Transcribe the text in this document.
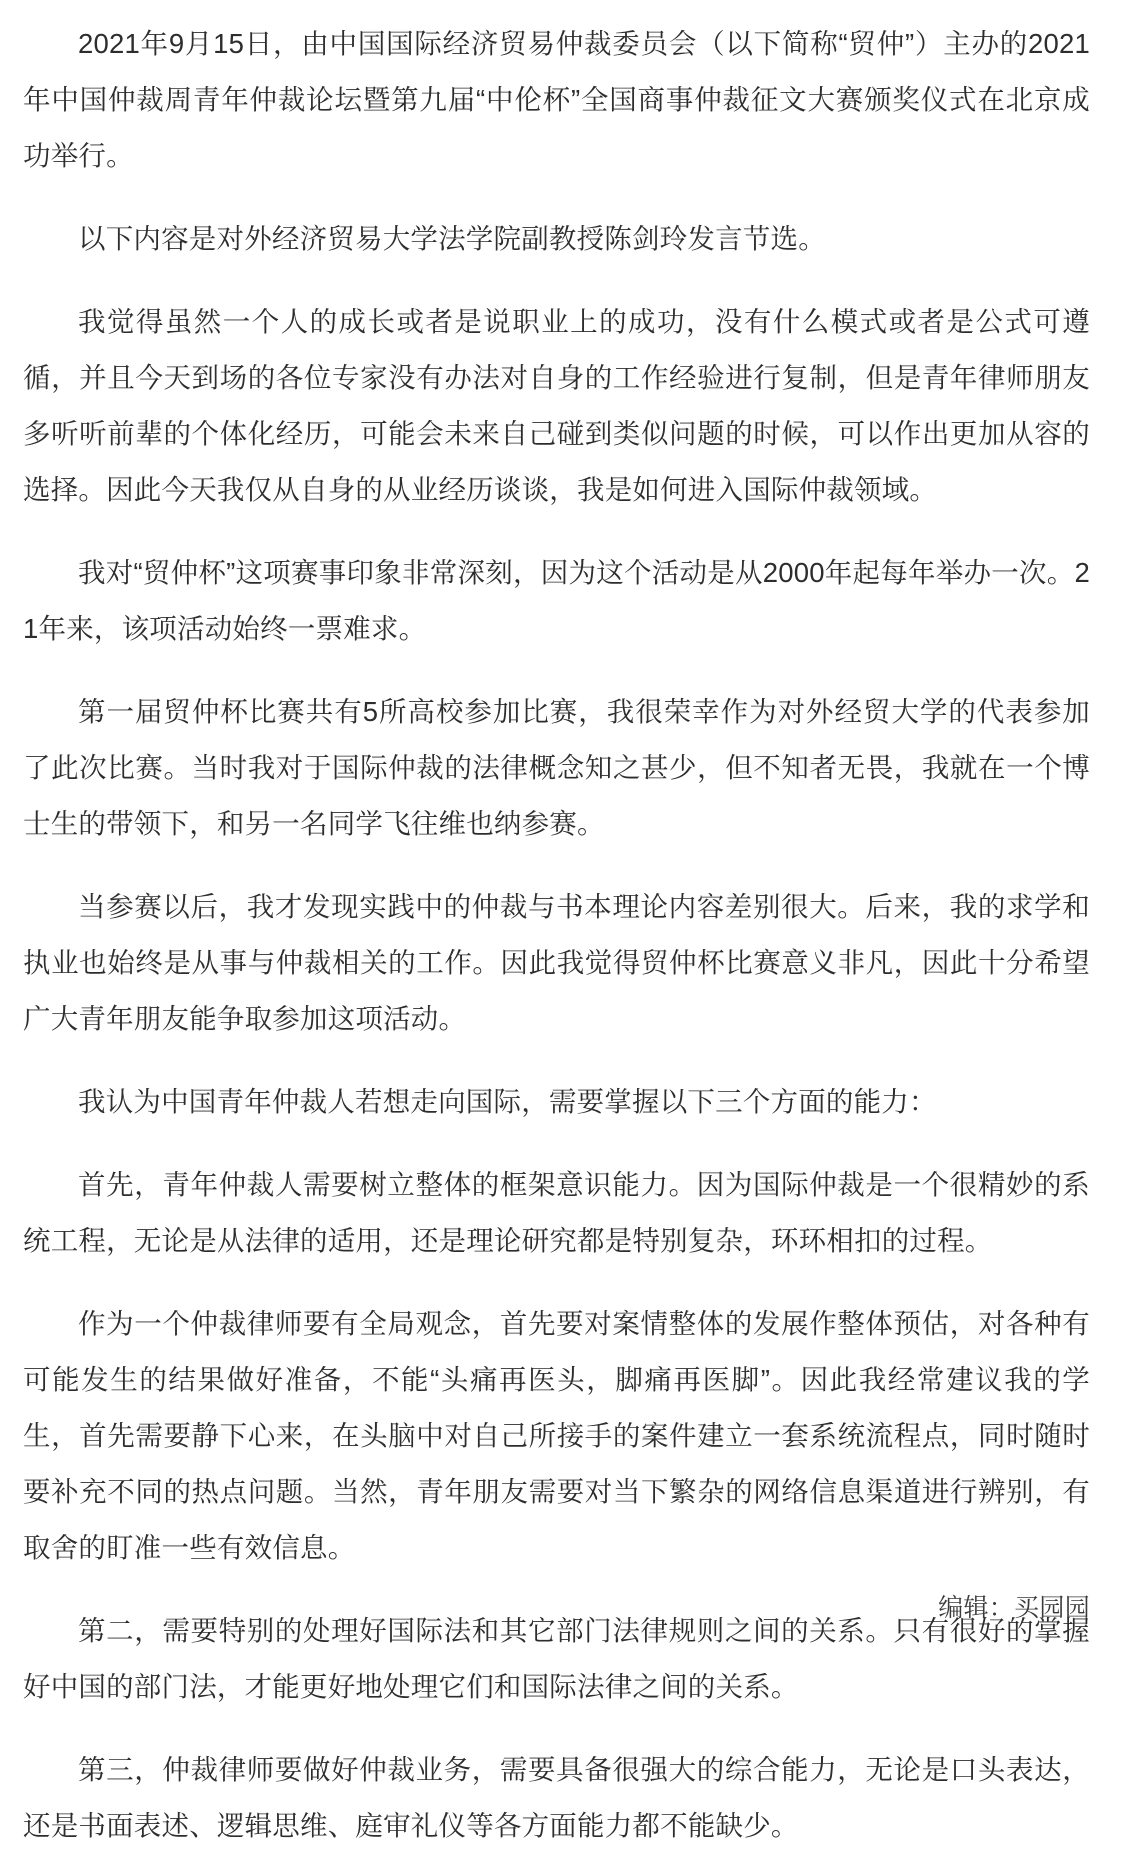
2021年9月15日，由中国国际经济贸易仲裁委员会（以下简称“贸仲”）主办的2021年中国仲裁周青年仲裁论坛暨第九届“中伦杯”全国商事仲裁征文大赛颁奖仪式在北京成功举行。

以下内容是对外经济贸易大学法学院副教授陈剑玲发言节选。

我觉得虽然一个人的成长或者是说职业上的成功，没有什么模式或者是公式可遵循，并且今天到场的各位专家没有办法对自身的工作经验进行复制，但是青年律师朋友多听听前辈的个体化经历，可能会未来自己碰到类似问题的时候，可以作出更加从容的选择。因此今天我仅从自身的从业经历谈谈，我是如何进入国际仲裁领域。

我对“贸仲杯”这项赛事印象非常深刻，因为这个活动是从2000年起每年举办一次。21年来，该项活动始终一票难求。

第一届贸仲杯比赛共有5所高校参加比赛，我很荣幸作为对外经贸大学的代表参加了此次比赛。当时我对于国际仲裁的法律概念知之甚少，但不知者无畏，我就在一个博士生的带领下，和另一名同学飞往维也纳参赛。

当参赛以后，我才发现实践中的仲裁与书本理论内容差别很大。后来，我的求学和执业也始终是从事与仲裁相关的工作。因此我觉得贸仲杯比赛意义非凡，因此十分希望广大青年朋友能争取参加这项活动。

我认为中国青年仲裁人若想走向国际，需要掌握以下三个方面的能力：

首先，青年仲裁人需要树立整体的框架意识能力。因为国际仲裁是一个很精妙的系统工程，无论是从法律的适用，还是理论研究都是特别复杂，环环相扣的过程。

作为一个仲裁律师要有全局观念，首先要对案情整体的发展作整体预估，对各种有可能发生的结果做好准备，不能“头痛再医头，脚痛再医脚”。因此我经常建议我的学生，首先需要静下心来，在头脑中对自己所接手的案件建立一套系统流程点，同时随时要补充不同的热点问题。当然，青年朋友需要对当下繁杂的网络信息渠道进行辨别，有取舍的盯准一些有效信息。

第二，需要特别的处理好国际法和其它部门法律规则之间的关系。只有很好的掌握好中国的部门法，才能更好地处理它们和国际法律之间的关系。

第三，仲裁律师要做好仲裁业务，需要具备很强大的综合能力，无论是口头表达，还是书面表述、逻辑思维、庭审礼仪等各方面能力都不能缺少。

编辑：买园园
